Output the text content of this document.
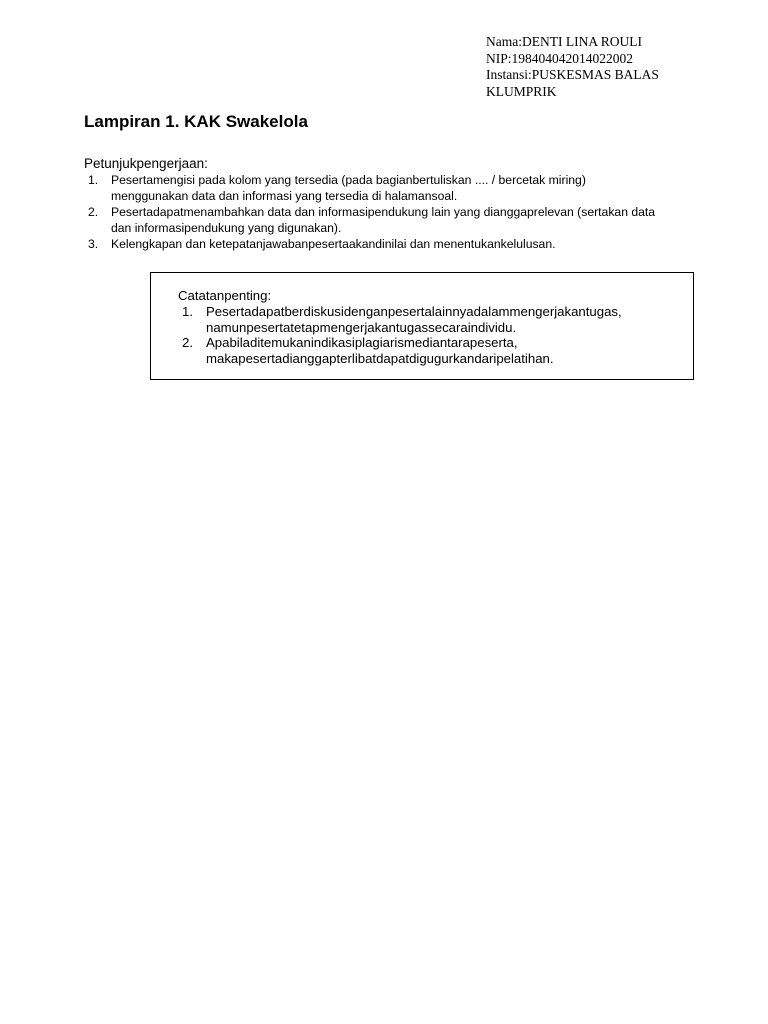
Nama:DENTI LINA ROULI
NIP:198404042014022002
Instansi:PUSKESMAS BALAS
KLUMPRIK
Lampiran 1. KAK Swakelola
Petunjukpengerjaan:
1. Pesertamengisi pada kolom yang tersedia (pada bagianbertuliskan .... / bercetak miring)
menggunakan data dan informasi yang tersedia di halamansoal.
2. Pesertadapatmenambahkan data dan informasipendukung lain yang dianggaprelevan (sertakan data
dan informasipendukung yang digunakan).
3. Kelengkapan dan ketepatanjawabanpesertaakandinilai dan menentukankelulusan.
Catatanpenting:
1. Pesertadapatberdiskusidenganpesertalainnyadalammengerjakantugas,
namunpesertatetapmengerjakantugassecaraindividu.
2. Apabiladitemukanindikasiplagiarismediantarapeserta,
makapesertadianggapterlibatdapatdigugurkandaripelatihan.
